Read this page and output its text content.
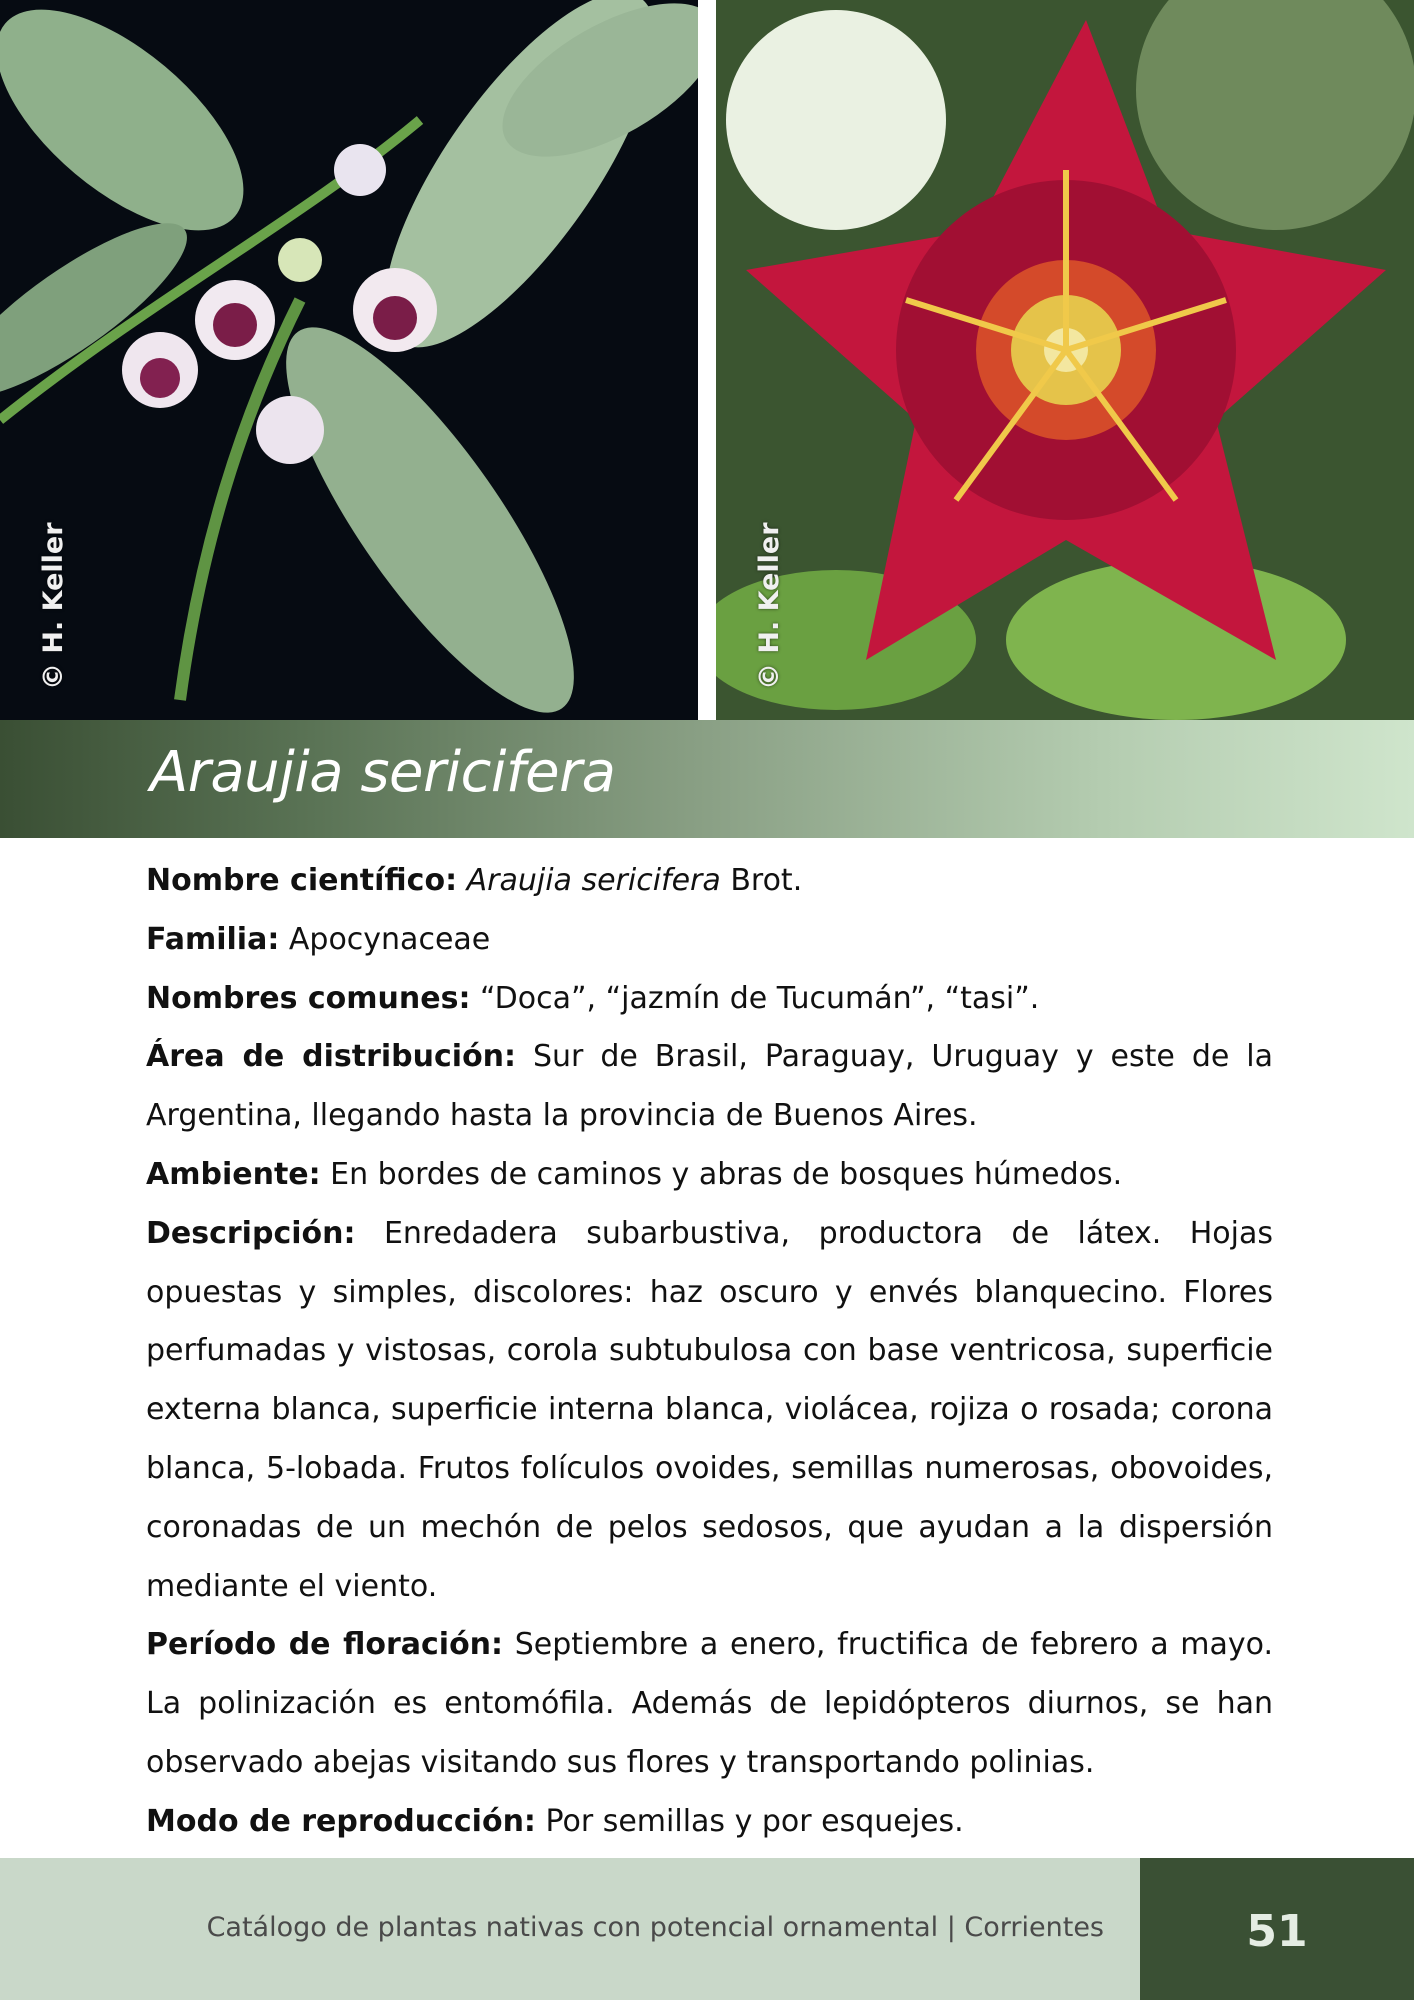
© H. Keller	© H. Keller
Araujia sericifera

Nombre científico: Araujia sericifera Brot.

Familia: Apocynaceae

Nombres comunes: “Doca”, “jazmín de Tucumán”, “tasi”.

Área de distribución: Sur de Brasil, Paraguay, Uruguay y este de la Argentina, llegando hasta la provincia de Buenos Aires.

Ambiente: En bordes de caminos y abras de bosques húmedos.

Descripción: Enredadera subarbustiva, productora de látex. Hojas opuestas y simples, discolores: haz oscuro y envés blanquecino. Flores perfumadas y vistosas, corola subtubulosa con base ventricosa, superficie externa blanca, superficie interna blanca, violácea, rojiza o rosada; corona blanca, 5-lobada. Frutos folículos ovoides, semillas numerosas, obovoides, coronadas de un mechón de pelos sedosos, que ayudan a la dispersión mediante el viento.

Período de floración: Septiembre a enero, fructifica de febrero a mayo. La polinización es entomófila. Además de lepidópteros diurnos, se han observado abejas visitando sus flores y transportando polinias.

Modo de reproducción: Por semillas y por esquejes.

Catálogo de plantas nativas con potencial ornamental | Corrientes	51
